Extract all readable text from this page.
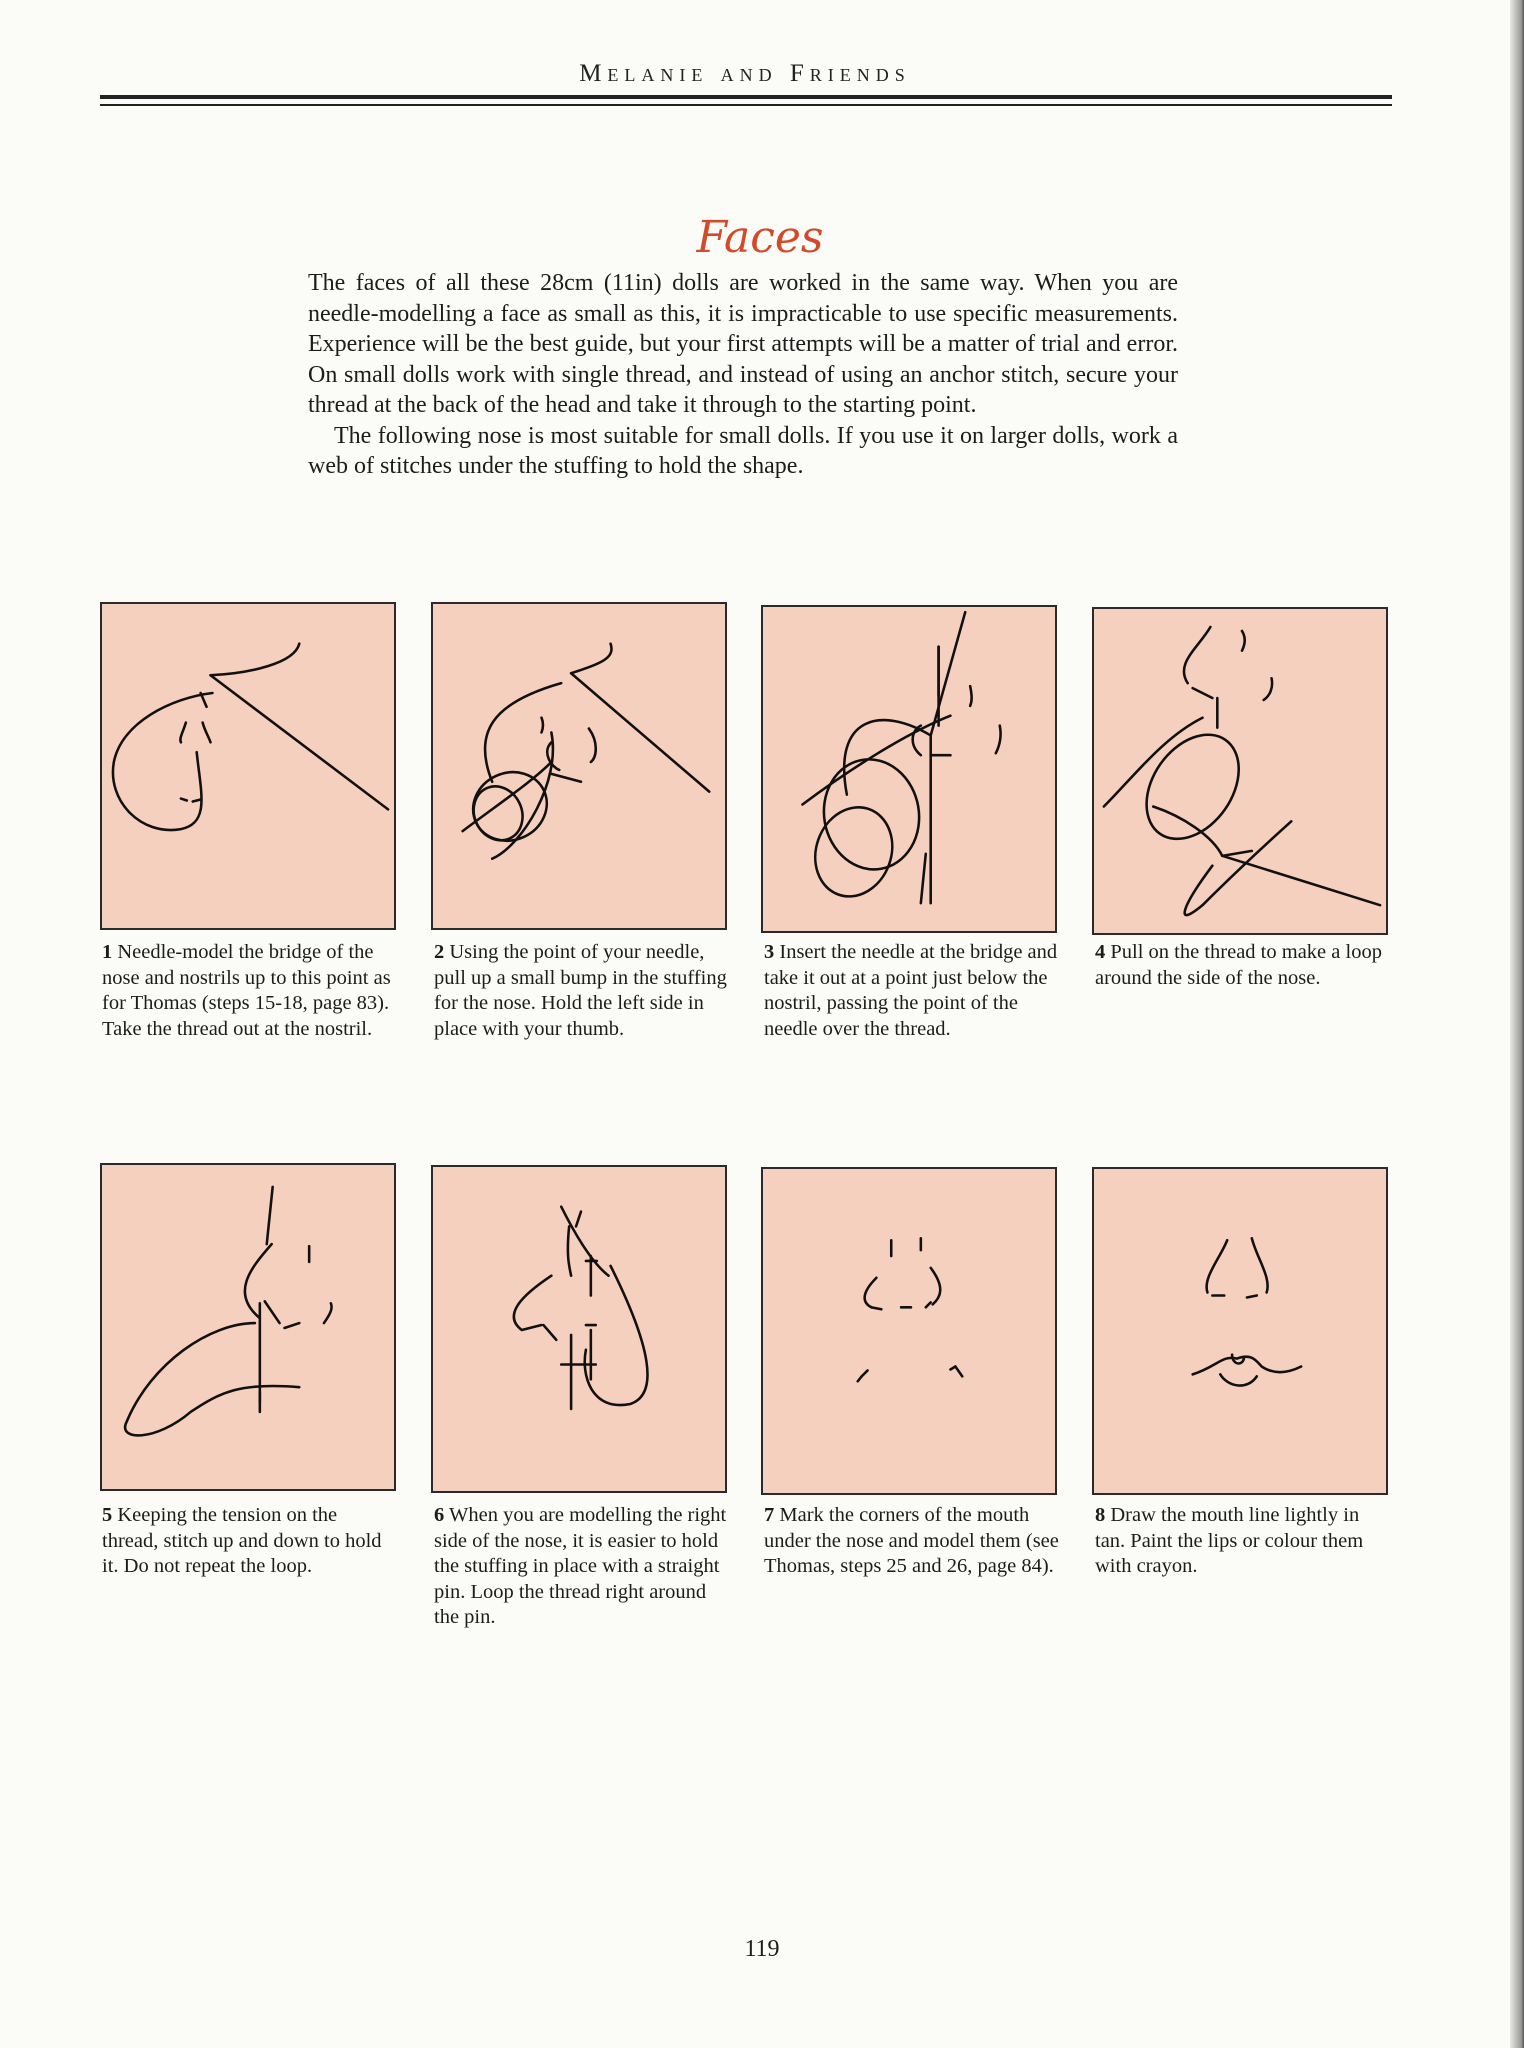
Melanie and Friends
Faces

The faces of all these 28cm (11in) dolls are worked in the same way. When you are needle-modelling a face as small as this, it is impracticable to use specific measurements. Experience will be the best guide, but your first attempts will be a matter of trial and error. On small dolls work with single thread, and instead of using an anchor stitch, secure your thread at the back of the head and take it through to the starting point.

The following nose is most suitable for small dolls. If you use it on larger dolls, work a web of stitches under the stuffing to hold the shape.

1 Needle-model the bridge of the nose and nostrils up to this point as for Thomas (steps 15-18, page 83). Take the thread out at the nostril.
2 Using the point of your needle, pull up a small bump in the stuffing for the nose. Hold the left side in place with your thumb.
3 Insert the needle at the bridge and take it out at a point just below the nostril, passing the point of the needle over the thread.
4 Pull on the thread to make a loop around the side of the nose.
5 Keeping the tension on the thread, stitch up and down to hold it. Do not repeat the loop.
6 When you are modelling the right side of the nose, it is easier to hold the stuffing in place with a straight pin. Loop the thread right around the pin.
7 Mark the corners of the mouth under the nose and model them (see Thomas, steps 25 and 26, page 84).
8 Draw the mouth line lightly in tan. Paint the lips or colour them with crayon.
119
